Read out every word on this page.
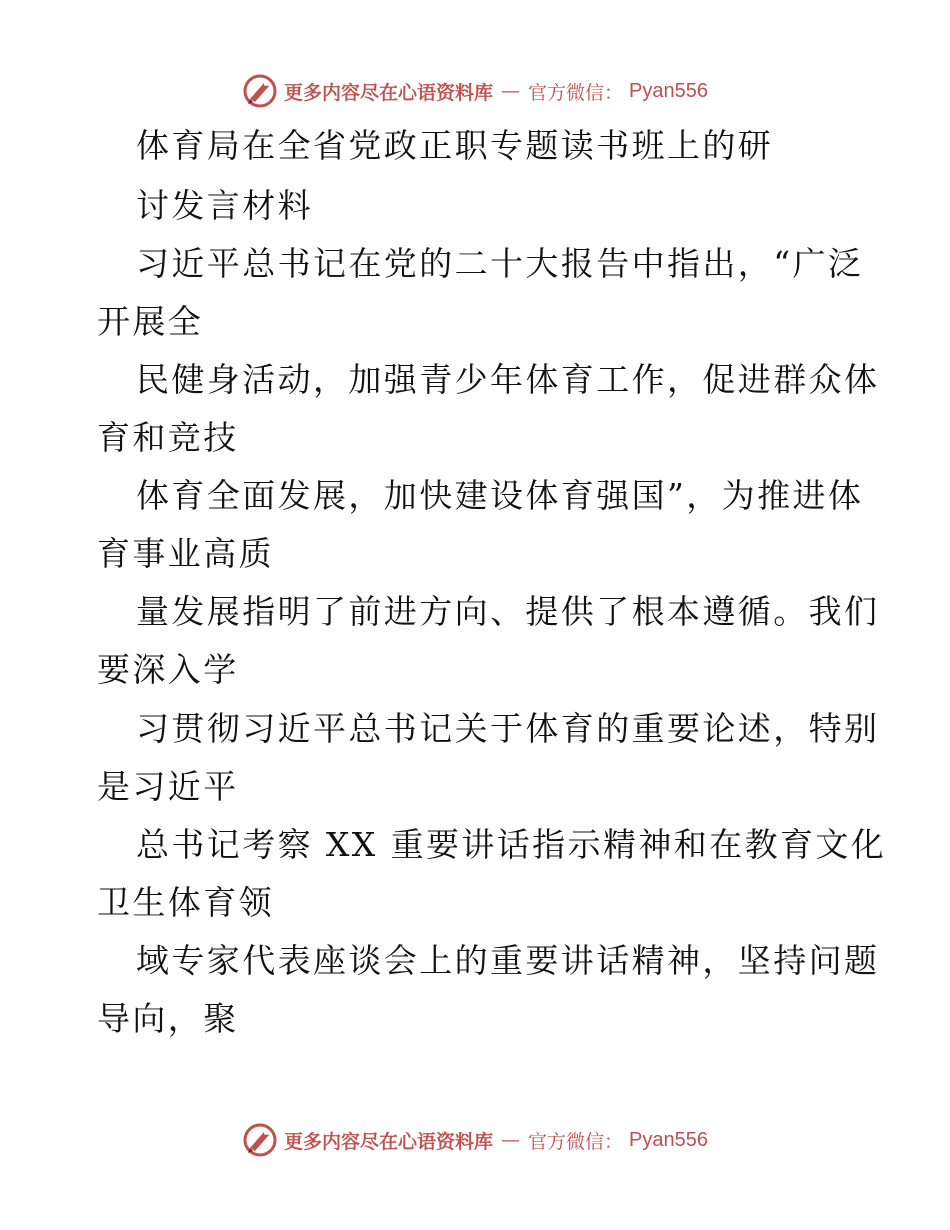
更多内容尽在心语资料库 — 官方微信： Pyan556
体育局在全省党政正职专题读书班上的研
讨发言材料
习近平总书记在党的二十大报告中指出，“广泛
开展全
民健身活动，加强青少年体育工作，促进群众体
育和竞技
体育全面发展，加快建设体育强国”，为推进体
育事业高质
量发展指明了前进方向、提供了根本遵循。我们
要深入学
习贯彻习近平总书记关于体育的重要论述，特别
是习近平
总书记考察 XX 重要讲话指示精神和在教育文化
卫生体育领
域专家代表座谈会上的重要讲话精神，坚持问题
导向，聚
更多内容尽在心语资料库 — 官方微信： Pyan556
